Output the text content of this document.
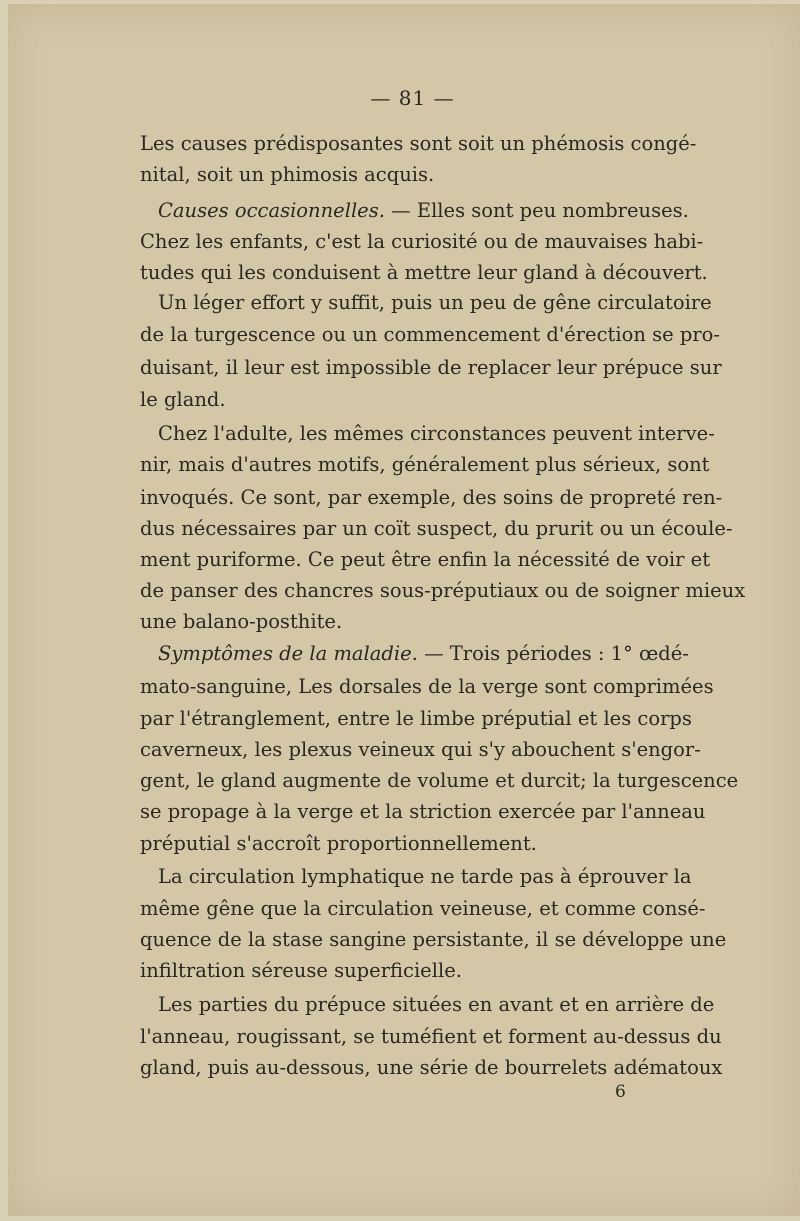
— 81 —
Les causes prédisposantes sont soit un phémosis congé-
nital, soit un phimosis acquis.
Causes occasionnelles. — Elles sont peu nombreuses.
Chez les enfants, c'est la curiosité ou de mauvaises habi-
tudes qui les conduisent à mettre leur gland à découvert.
Un léger effort y suffit, puis un peu de gêne circulatoire
de la turgescence ou un commencement d'érection se pro-
duisant, il leur est impossible de replacer leur prépuce sur
le gland.
Chez l'adulte, les mêmes circonstances peuvent interve-
nir, mais d'autres motifs, généralement plus sérieux, sont
invoqués. Ce sont, par exemple, des soins de propreté ren-
dus nécessaires par un coït suspect, du prurit ou un écoule-
ment puriforme. Ce peut être enfin la nécessité de voir et
de panser des chancres sous-préputiaux ou de soigner mieux
une balano-posthite.
Symptômes de la maladie. — Trois périodes : 1° œdé-
mato-sanguine, Les dorsales de la verge sont comprimées
par l'étranglement, entre le limbe préputial et les corps
caverneux, les plexus veineux qui s'y abouchent s'engor-
gent, le gland augmente de volume et durcit; la turgescence
se propage à la verge et la striction exercée par l'anneau
préputial s'accroît proportionnellement.
La circulation lymphatique ne tarde pas à éprouver la
même gêne que la circulation veineuse, et comme consé-
quence de la stase sangine persistante, il se développe une
infiltration séreuse superficielle.
Les parties du prépuce situées en avant et en arrière de
l'anneau, rougissant, se tuméfient et forment au-dessus du
gland, puis au-dessous, une série de bourrelets adématoux
6
